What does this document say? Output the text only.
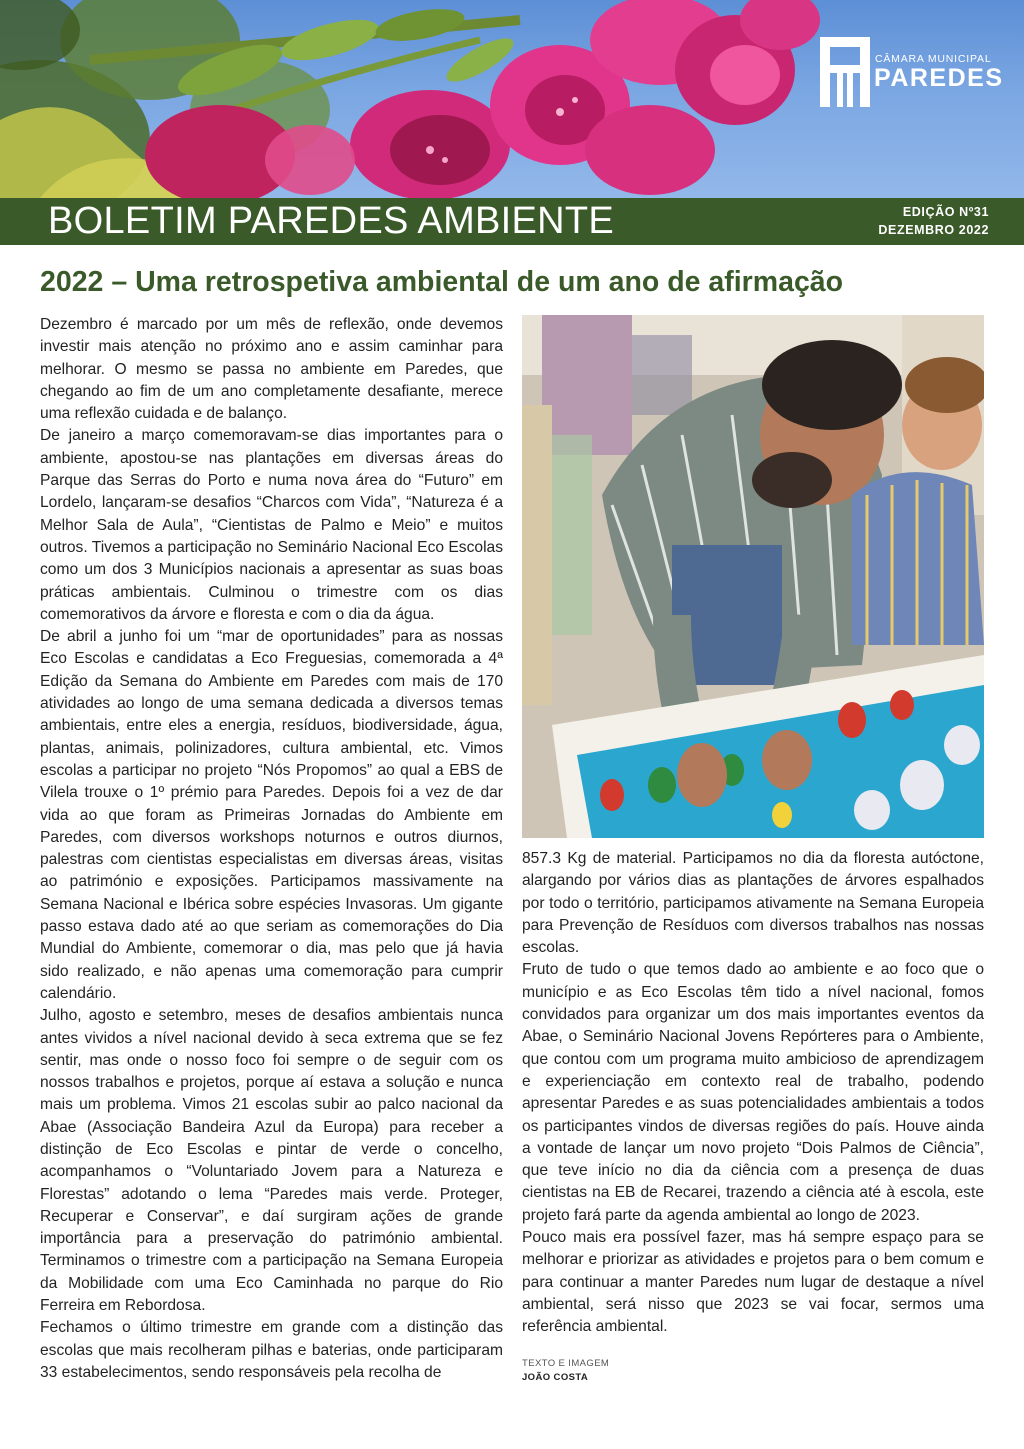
CÂMARA MUNICIPAL
PAREDES
BOLETIM PAREDES AMBIENTE	EDIÇÃO Nº31
DEZEMBRO 2022
2022 – Uma retrospetiva ambiental de um ano de afirmação

Dezembro é marcado por um mês de reflexão, onde devemos investir mais atenção no próximo ano e assim caminhar para melhorar. O mesmo se passa no ambiente em Paredes, que chegando ao fim de um ano completamente desafiante, merece uma reflexão cuidada e de balanço.

De janeiro a março comemoravam-se dias importantes para o ambiente, apostou-se nas plantações em diversas áreas do Parque das Serras do Porto e numa nova área do “Futuro” em Lordelo, lançaram-se desafios “Charcos com Vida”, “Natureza é a Melhor Sala de Aula”, “Cientistas de Palmo e Meio” e muitos outros. Tivemos a participação no Seminário Nacional Eco Escolas como um dos 3 Municípios nacionais a apresentar as suas boas práticas ambientais. Culminou o trimestre com os dias comemorativos da árvore e floresta e com o dia da água.

De abril a junho foi um “mar de oportunidades” para as nossas Eco Escolas e candidatas a Eco Freguesias, comemorada a 4ª Edição da Semana do Ambiente em Paredes com mais de 170 atividades ao longo de uma semana dedicada a diversos temas ambientais, entre eles a energia, resíduos, biodiversidade, água, plantas, animais, polinizadores, cultura ambiental, etc. Vimos escolas a participar no projeto “Nós Propomos” ao qual a EBS de Vilela trouxe o 1º prémio para Paredes. Depois foi a vez de dar vida ao que foram as Primeiras Jornadas do Ambiente em Paredes, com diversos workshops noturnos e outros diurnos, palestras com cientistas especialistas em diversas áreas, visitas ao património e exposições. Participamos massivamente na Semana Nacional e Ibérica sobre espécies Invasoras. Um gigante passo estava dado até ao que seriam as comemorações do Dia Mundial do Ambiente, comemorar o dia, mas pelo que já havia sido realizado, e não apenas uma comemoração para cumprir calendário.

Julho, agosto e setembro, meses de desafios ambientais nunca antes vividos a nível nacional devido à seca extrema que se fez sentir, mas onde o nosso foco foi sempre o de seguir com os nossos trabalhos e projetos, porque aí estava a solução e nunca mais um problema. Vimos 21 escolas subir ao palco nacional da Abae (Associação Bandeira Azul da Europa) para receber a distinção de Eco Escolas e pintar de verde o concelho, acompanhamos o “Voluntariado Jovem para a Natureza e Florestas” adotando o lema “Paredes mais verde. Proteger, Recuperar e Conservar”, e daí surgiram ações de grande importância para a preservação do património ambiental. Terminamos o trimestre com a participação na Semana Europeia da Mobilidade com uma Eco Caminhada no parque do Rio Ferreira em Rebordosa.

Fechamos o último trimestre em grande com a distinção das escolas que mais recolheram pilhas e baterias, onde participaram 33 estabelecimentos, sendo responsáveis pela recolha de

857.3 Kg de material. Participamos no dia da floresta autóctone, alargando por vários dias as plantações de árvores espalhados por todo o território, participamos ativamente na Semana Europeia para Prevenção de Resíduos com diversos trabalhos nas nossas escolas.

Fruto de tudo o que temos dado ao ambiente e ao foco que o município e as Eco Escolas têm tido a nível nacional, fomos convidados para organizar um dos mais importantes eventos da Abae, o Seminário Nacional Jovens Repórteres para o Ambiente, que contou com um programa muito ambicioso de aprendizagem e experienciação em contexto real de trabalho, podendo apresentar Paredes e as suas potencialidades ambientais a todos os participantes vindos de diversas regiões do país. Houve ainda a vontade de lançar um novo projeto “Dois Palmos de Ciência”, que teve início no dia da ciência com a presença de duas cientistas na EB de Recarei, trazendo a ciência até à escola, este projeto fará parte da agenda ambiental ao longo de 2023.

Pouco mais era possível fazer, mas há sempre espaço para se melhorar e priorizar as atividades e projetos para o bem comum e para continuar a manter Paredes num lugar de destaque a nível ambiental, será nisso que 2023 se vai focar, sermos uma referência ambiental.

TEXTO E IMAGEM
JOÃO COSTA
